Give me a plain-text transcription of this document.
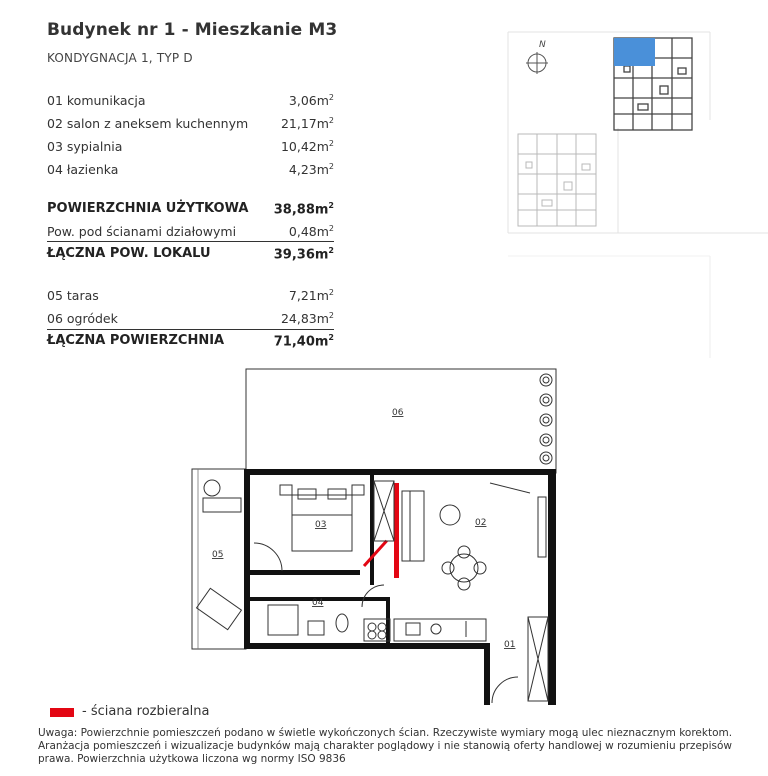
Budynek nr 1 - Mieszkanie M3
KONDYGNACJA 1, TYP D
01 komunikacja	$3,06m^2$
02 salon z aneksem kuchennym	$21,17m^2$
03 sypialnia	$10,42m^2$
04 łazienka	$4,23m^2$
POWIERZCHNIA UŻYTKOWA $38,88m^2$
Pow. pod ścianami działowymi	$0,48m^2$
ŁĄCZNA POW. LOKALU	$39,36m^2$
05 taras	$7,21m^2$
06 ogródek	$24,83m^2$
ŁĄCZNA POWIERZCHNIA	$71,40m^2$
N
06
02
03
04
05
01
- ściana rozbieralna
Uwaga: Powierzchnie pomieszczeń podano w świetle wykończonych ścian. Rzeczywiste wymiary mogą ulec nieznacznym korektom. Aranżacja pomieszczeń i wizualizacje budynków mają charakter poglądowy i nie stanowią oferty handlowej w rozumieniu przepisów prawa. Powierzchnia użytkowa liczona wg normy ISO 9836
